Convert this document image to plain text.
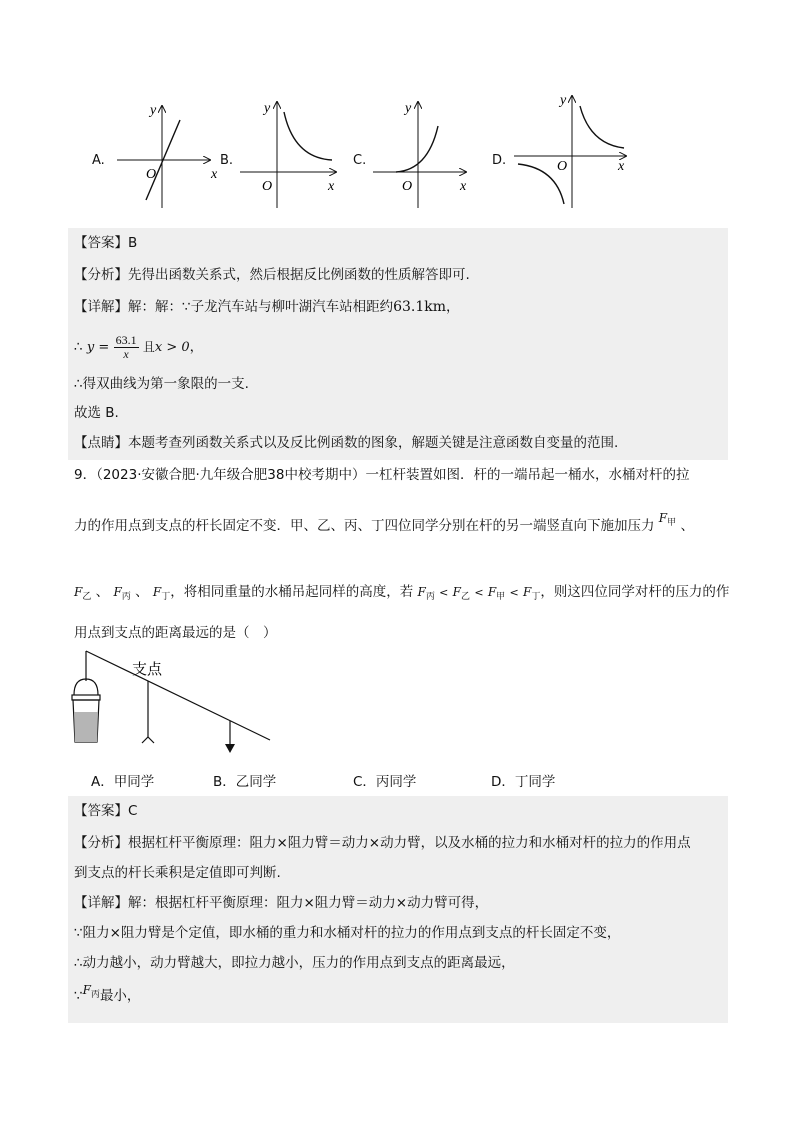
A.	B.	C.	D.
x
y
O
x
y
O	x
y
O
x
y
O
【答案】B
【分析】先得出函数关系式，然后根据反比例函数的性质解答即可.
【详解】解：解：∵子龙汽车站与柳叶湖汽车站相距约63.1km，
∴ $y = \frac{63.1}{x}$ 且x > 0，
∴得双曲线为第一象限的一支.
故选 B.
【点睛】本题考查列函数关系式以及反比例函数的图象，解题关键是注意函数自变量的范围.
9．（2023·安徽合肥·九年级合肥38中校考期中）一杠杆装置如图．杆的一端吊起一桶水，水桶对杆的拉
力的作用点到支点的杆长固定不变．甲、乙、丙、丁四位同学分别在杆的另一端竖直向下施加压力 $F^甲$ 、
$F_乙$ 、 $F_丙$ 、 $F_丁$，将相同重量的水桶吊起同样的高度，若 $F_丙 < F_乙 < F_甲 < F_丁$，则这四位同学对杆的压力的作
用点到支点的距离最远的是（　）
支点
A．甲同学	B．乙同学	C．丙同学	D．丁同学
【答案】C
【分析】根据杠杆平衡原理：阻力×阻力臂＝动力×动力臂，以及水桶的拉力和水桶对杆的拉力的作用点
到支点的杆长乘积是定值即可判断.
【详解】解：根据杠杆平衡原理：阻力×阻力臂＝动力×动力臂可得，
∵阻力×阻力臂是个定值，即水桶的重力和水桶对杆的拉力的作用点到支点的杆长固定不变，
∴动力越小，动力臂越大，即拉力越小，压力的作用点到支点的距离最远，
$\because F^丙$最小，
